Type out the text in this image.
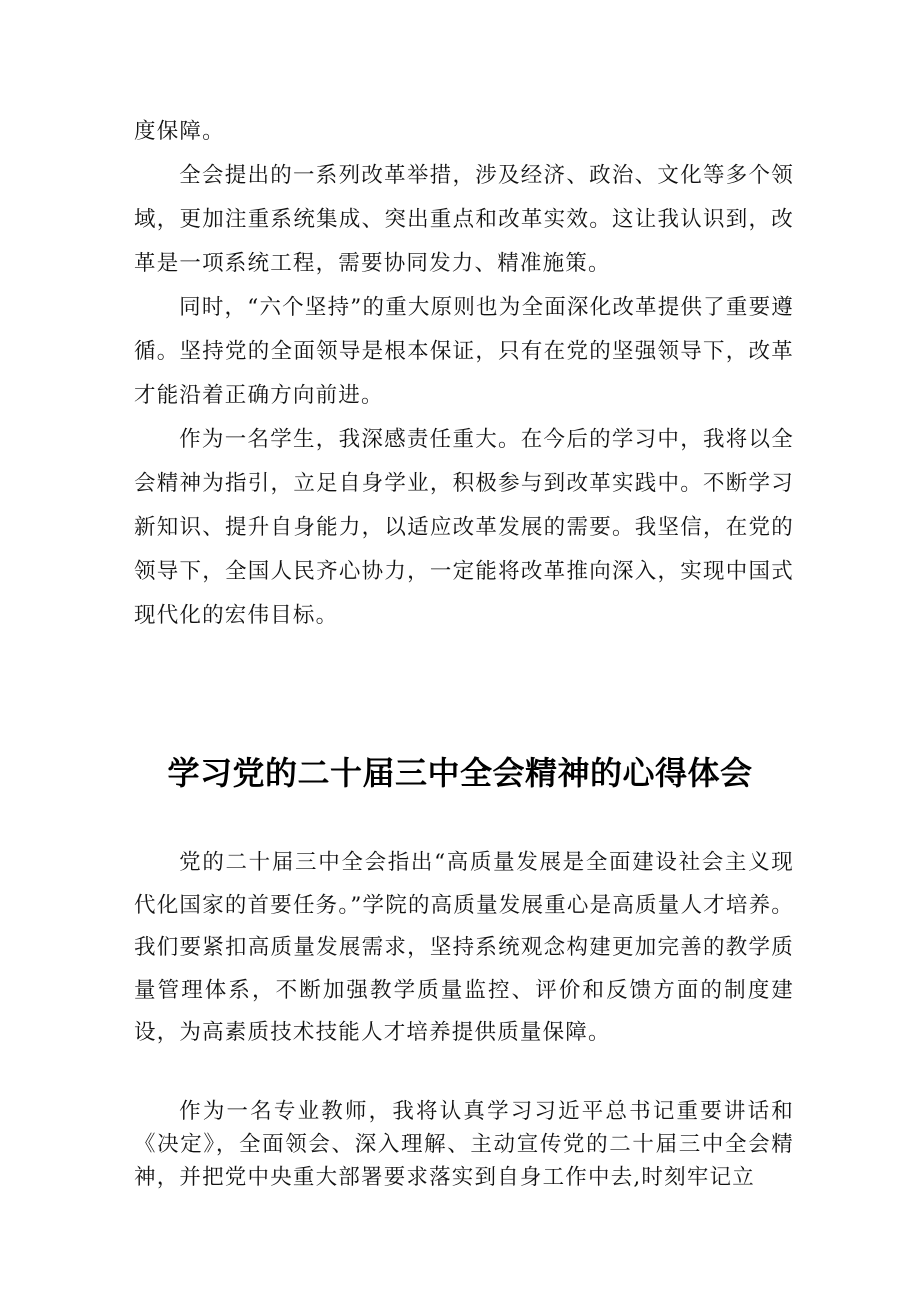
度保障。

全会提出的一系列改革举措，涉及经济、政治、文化等多个领域，更加注重系统集成、突出重点和改革实效。这让我认识到，改革是一项系统工程，需要协同发力、精准施策。

同时，“六个坚持”的重大原则也为全面深化改革提供了重要遵循。坚持党的全面领导是根本保证，只有在党的坚强领导下，改革才能沿着正确方向前进。

作为一名学生，我深感责任重大。在今后的学习中，我将以全会精神为指引，立足自身学业，积极参与到改革实践中。不断学习新知识、提升自身能力，以适应改革发展的需要。我坚信，在党的领导下，全国人民齐心协力，一定能将改革推向深入，实现中国式现代化的宏伟目标。

学习党的二十届三中全会精神的心得体会

党的二十届三中全会指出“高质量发展是全面建设社会主义现代化国家的首要任务。”学院的高质量发展重心是高质量人才培养。我们要紧扣高质量发展需求，坚持系统观念构建更加完善的教学质量管理体系，不断加强教学质量监控、评价和反馈方面的制度建设，为高素质技术技能人才培养提供质量保障。

作为一名专业教师，我将认真学习习近平总书记重要讲话和《决定》，全面领会、深入理解、主动宣传党的二十届三中全会精神，并把党中央重大部署要求落实到自身工作中去,时刻牢记立
